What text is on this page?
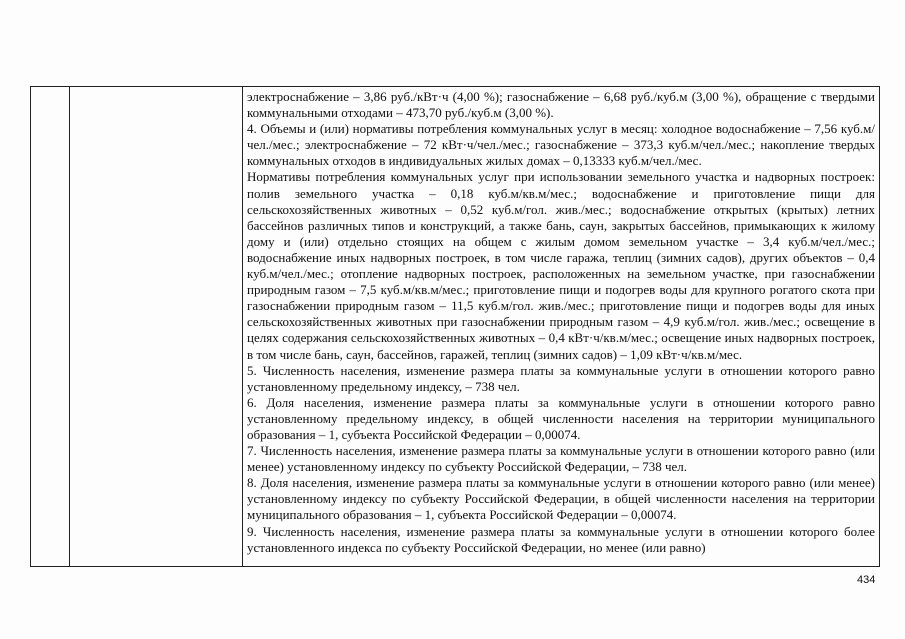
электроснабжение – 3,86 руб./кВт·ч (4,00 %); газоснабжение – 6,68 руб./куб.м (3,00 %), обращение с твердыми коммунальными отходами – 473,70 руб./куб.м (3,00 %).

4. Объемы и (или) нормативы потребления коммунальных услуг в месяц: холодное водоснабжение – 7,56 куб.м/чел./мес.; электроснабжение – 72 кВт·ч/чел./мес.; газоснабжение – 373,3 куб.м/чел./мес.; накопление твердых коммунальных отходов в индивидуальных жилых домах – 0,13333 куб.м/чел./мес.

Нормативы потребления коммунальных услуг при использовании земельного участка и надворных построек: полив земельного участка – 0,18 куб.м/кв.м/мес.; водоснабжение и приготовление пищи для сельскохозяйственных животных – 0,52 куб.м/гол. жив./мес.; водоснабжение открытых (крытых) летних бассейнов различных типов и конструкций, а также бань, саун, закрытых бассейнов, примыкающих к жилому дому и (или) отдельно стоящих на общем с жилым домом земельном участке – 3,4 куб.м/чел./мес.; водоснабжение иных надворных построек, в том числе гаража, теплиц (зимних садов), других объектов – 0,4 куб.м/чел./мес.; отопление надворных построек, расположенных на земельном участке, при газоснабжении природным газом – 7,5 куб.м/кв.м/мес.; приготовление пищи и подогрев воды для крупного рогатого скота при газоснабжении природным газом – 11,5 куб.м/гол. жив./мес.; приготовление пищи и подогрев воды для иных сельскохозяйственных животных при газоснабжении природным газом – 4,9 куб.м/гол. жив./мес.; освещение в целях содержания сельскохозяйственных животных – 0,4 кВт·ч/кв.м/мес.; освещение иных надворных построек, в том числе бань, саун, бассейнов, гаражей, теплиц (зимних садов) – 1,09 кВт·ч/кв.м/мес.

5. Численность населения, изменение размера платы за коммунальные услуги в отношении которого равно установленному предельному индексу, – 738 чел.

6. Доля населения, изменение размера платы за коммунальные услуги в отношении которого равно установленному предельному индексу, в общей численности населения на территории муниципального образования – 1, субъекта Российской Федерации – 0,00074.

7. Численность населения, изменение размера платы за коммунальные услуги в отношении которого равно (или менее) установленному индексу по субъекту Российской Федерации, – 738 чел.

8. Доля населения, изменение размера платы за коммунальные услуги в отношении которого равно (или менее) установленному индексу по субъекту Российской Федерации, в общей численности населения на территории муниципального образования – 1, субъекта Российской Федерации – 0,00074.

9. Численность населения, изменение размера платы за коммунальные услуги в отношении которого более установленного индекса по субъекту Российской Федерации, но менее (или равно)

434
